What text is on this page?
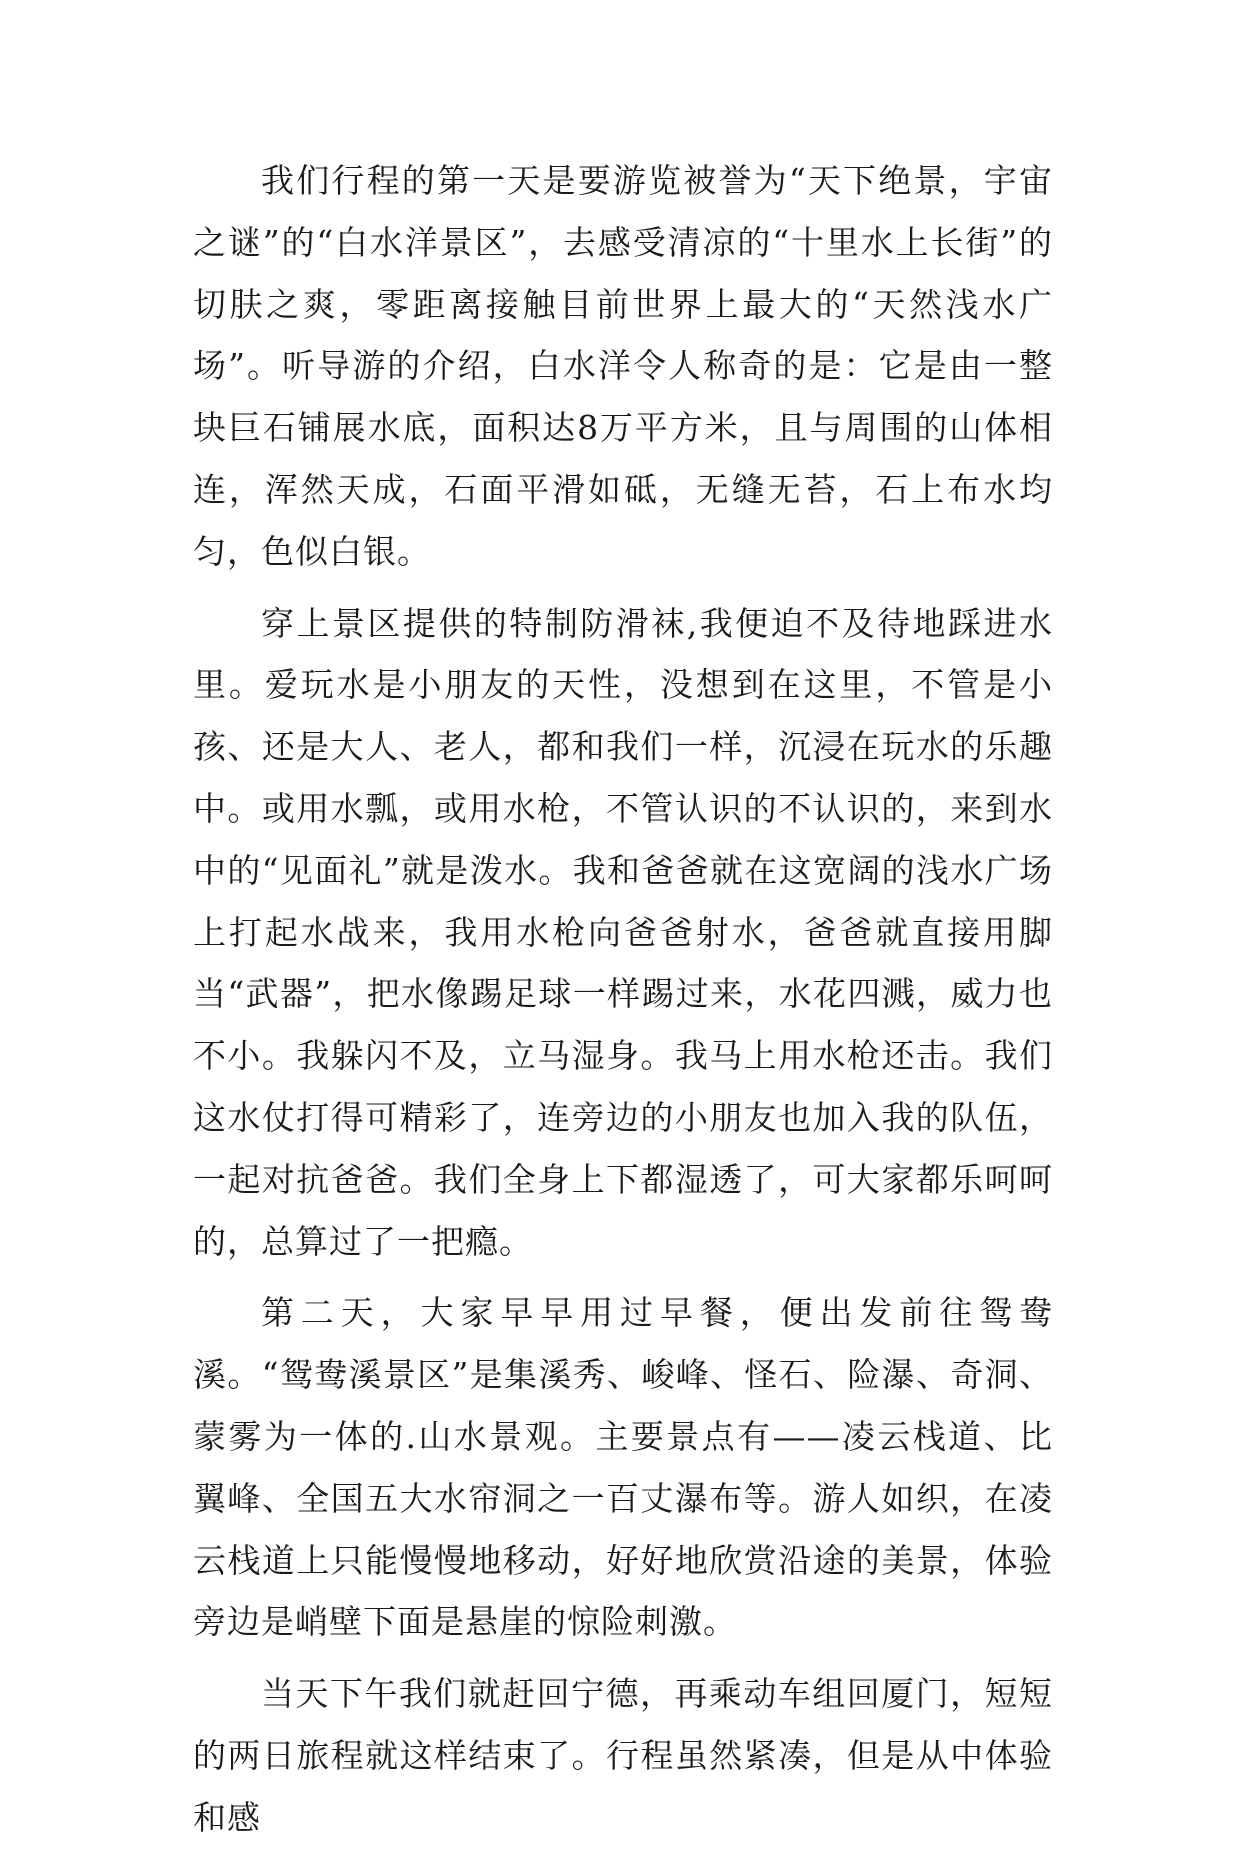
我们行程的第一天是要游览被誉为“天下绝景，宇宙之谜”的“白水洋景区”，去感受清凉的“十里水上长街”的切肤之爽，零距离接触目前世界上最大的“天然浅水广场”。听导游的介绍，白水洋令人称奇的是：它是由一整块巨石铺展水底，面积达8万平方米，且与周围的山体相连，浑然天成，石面平滑如砥，无缝无苔，石上布水均匀，色似白银。

穿上景区提供的特制防滑袜,我便迫不及待地踩进水里。爱玩水是小朋友的天性，没想到在这里，不管是小孩、还是大人、老人，都和我们一样，沉浸在玩水的乐趣中。或用水瓢，或用水枪，不管认识的不认识的，来到水中的“见面礼”就是泼水。我和爸爸就在这宽阔的浅水广场上打起水战来，我用水枪向爸爸射水，爸爸就直接用脚当“武器”，把水像踢足球一样踢过来，水花四溅，威力也不小。我躲闪不及，立马湿身。我马上用水枪还击。我们这水仗打得可精彩了，连旁边的小朋友也加入我的队伍，一起对抗爸爸。我们全身上下都湿透了，可大家都乐呵呵的，总算过了一把瘾。

第二天，大家早早用过早餐，便出发前往鸳鸯溪。“鸳鸯溪景区”是集溪秀、峻峰、怪石、险瀑、奇洞、蒙雾为一体的.山水景观。主要景点有——凌云栈道、比翼峰、全国五大水帘洞之一百丈瀑布等。游人如织，在凌云栈道上只能慢慢地移动，好好地欣赏沿途的美景，体验旁边是峭壁下面是悬崖的惊险刺激。

当天下午我们就赶回宁德，再乘动车组回厦门，短短的两日旅程就这样结束了。行程虽然紧凑，但是从中体验和感
